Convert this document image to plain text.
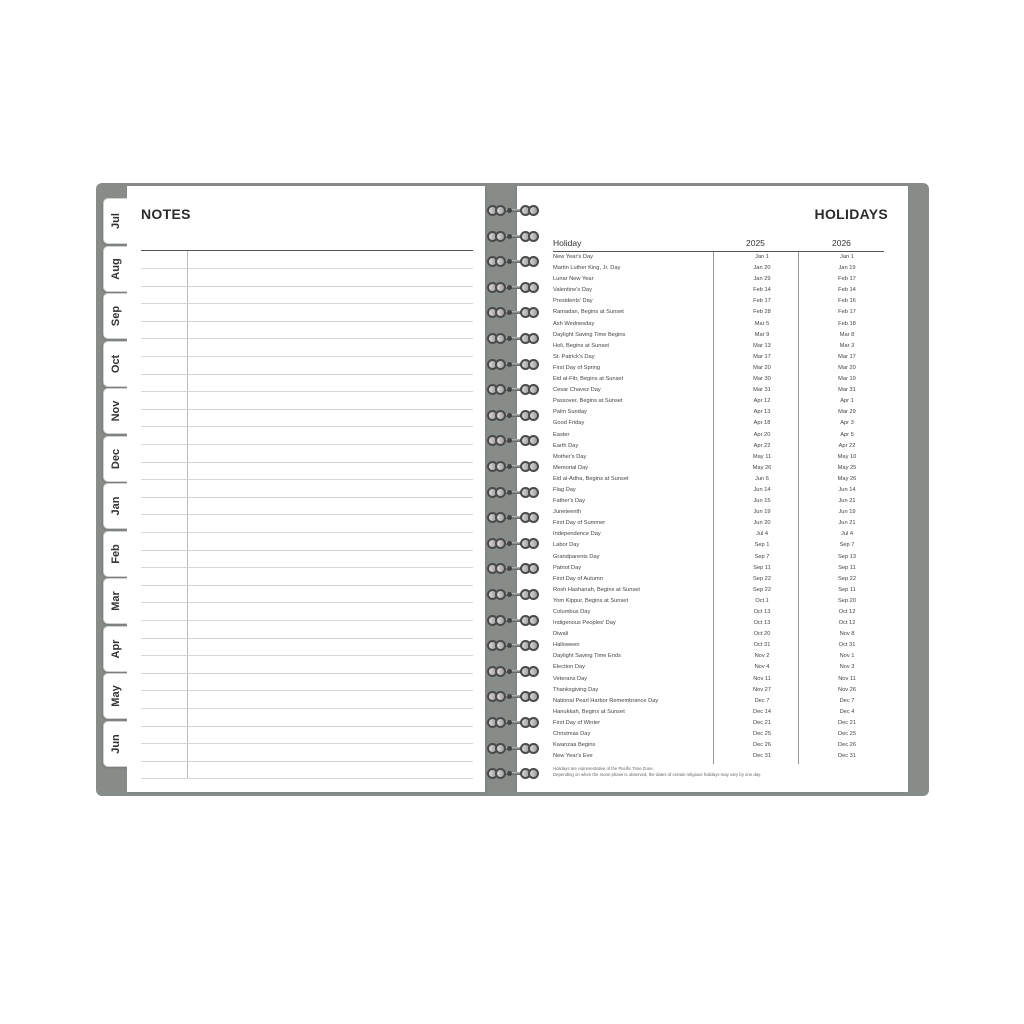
Jul
Aug
Sep
Oct
Nov
Dec
Jan
Feb
Mar
Apr
May
Jun
NOTES	HOLIDAYS
Holiday	2025	2026
New Year's Day	Jan 1	Jan 1
Martin Luther King, Jr. Day	Jan 20	Jan 19
Lunar New Year	Jan 29	Feb 17
Valentine's Day	Feb 14	Feb 14
Presidents' Day	Feb 17	Feb 16
Ramadan, Begins at Sunset	Feb 28	Feb 17
Ash Wednesday	Mar 5	Feb 18
Daylight Saving Time Begins	Mar 9	Mar 8
Holi, Begins at Sunset	Mar 13	Mar 3
St. Patrick's Day	Mar 17	Mar 17
First Day of Spring	Mar 20	Mar 20
Eid al-Fitr, Begins at Sunset	Mar 30	Mar 19
Cesar Chavez Day	Mar 31	Mar 31
Passover, Begins at Sunset	Apr 12	Apr 1
Palm Sunday	Apr 13	Mar 29
Good Friday	Apr 18	Apr 3
Easter	Apr 20	Apr 5
Earth Day	Apr 22	Apr 22
Mother's Day	May 11	May 10
Memorial Day	May 26	May 25
Eid al-Adha, Begins at Sunset	Jun 6	May 26
Flag Day	Jun 14	Jun 14
Father's Day	Jun 15	Jun 21
Juneteenth	Jun 19	Jun 19
First Day of Summer	Jun 20	Jun 21
Independence Day	Jul 4	Jul 4
Labor Day	Sep 1	Sep 7
Grandparents Day	Sep 7	Sep 13
Patriot Day	Sep 11	Sep 11
First Day of Autumn	Sep 22	Sep 22
Rosh Hashanah, Begins at Sunset	Sep 22	Sep 11
Yom Kippur, Begins at Sunset	Oct 1	Sep 20
Columbus Day	Oct 13	Oct 12
Indigenous Peoples' Day	Oct 13	Oct 12
Diwali	Oct 20	Nov 8
Halloween	Oct 31	Oct 31
Daylight Saving Time Ends	Nov 2	Nov 1
Election Day	Nov 4	Nov 3
Veterans Day	Nov 11	Nov 11
Thanksgiving Day	Nov 27	Nov 26
National Pearl Harbor Remembrance Day	Dec 7	Dec 7
Hanukkah, Begins at Sunset	Dec 14	Dec 4
First Day of Winter	Dec 21	Dec 21
Christmas Day	Dec 25	Dec 25
Kwanzaa Begins	Dec 26	Dec 26
New Year's Eve	Dec 31	Dec 31
Holidays are representative of the Pacific Time Zone.
Depending on when the moon phase is observed, the dates of certain religious holidays may vary by one day.
